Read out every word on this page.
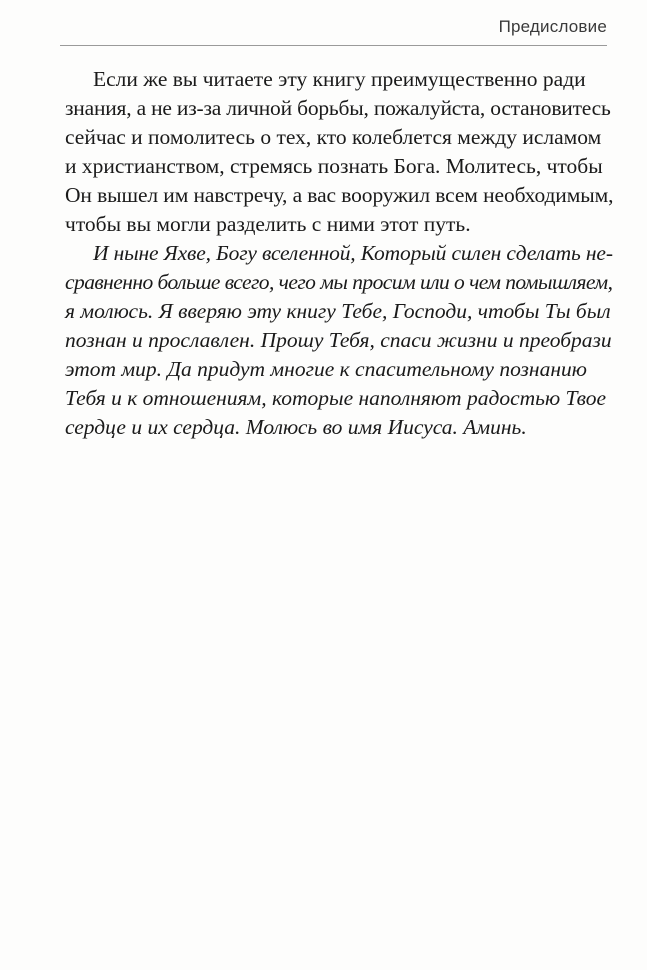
Предисловие

Если же вы читаете эту книгу преимущественно ради
знания, а не из-за личной борьбы, пожалуйста, остановитесь
сейчас и помолитесь о тех, кто колеблется между исламом
и христианством, стремясь познать Бога. Молитесь, чтобы
Он вышел им навстречу, а вас вооружил всем необходимым,
чтобы вы могли разделить с ними этот путь.

И ныне Яхве, Богу вселенной, Который силен сделать не-
сравненно больше всего, чего мы просим или о чем помышляем,
я молюсь. Я вверяю эту книгу Тебе, Господи, чтобы Ты был
познан и прославлен. Прошу Тебя, спаси жизни и преобрази
этот мир. Да придут многие к спасительному познанию
Тебя и к отношениям, которые наполняют радостью Твое
сердце и их сердца. Молюсь во имя Иисуса. Аминь.
